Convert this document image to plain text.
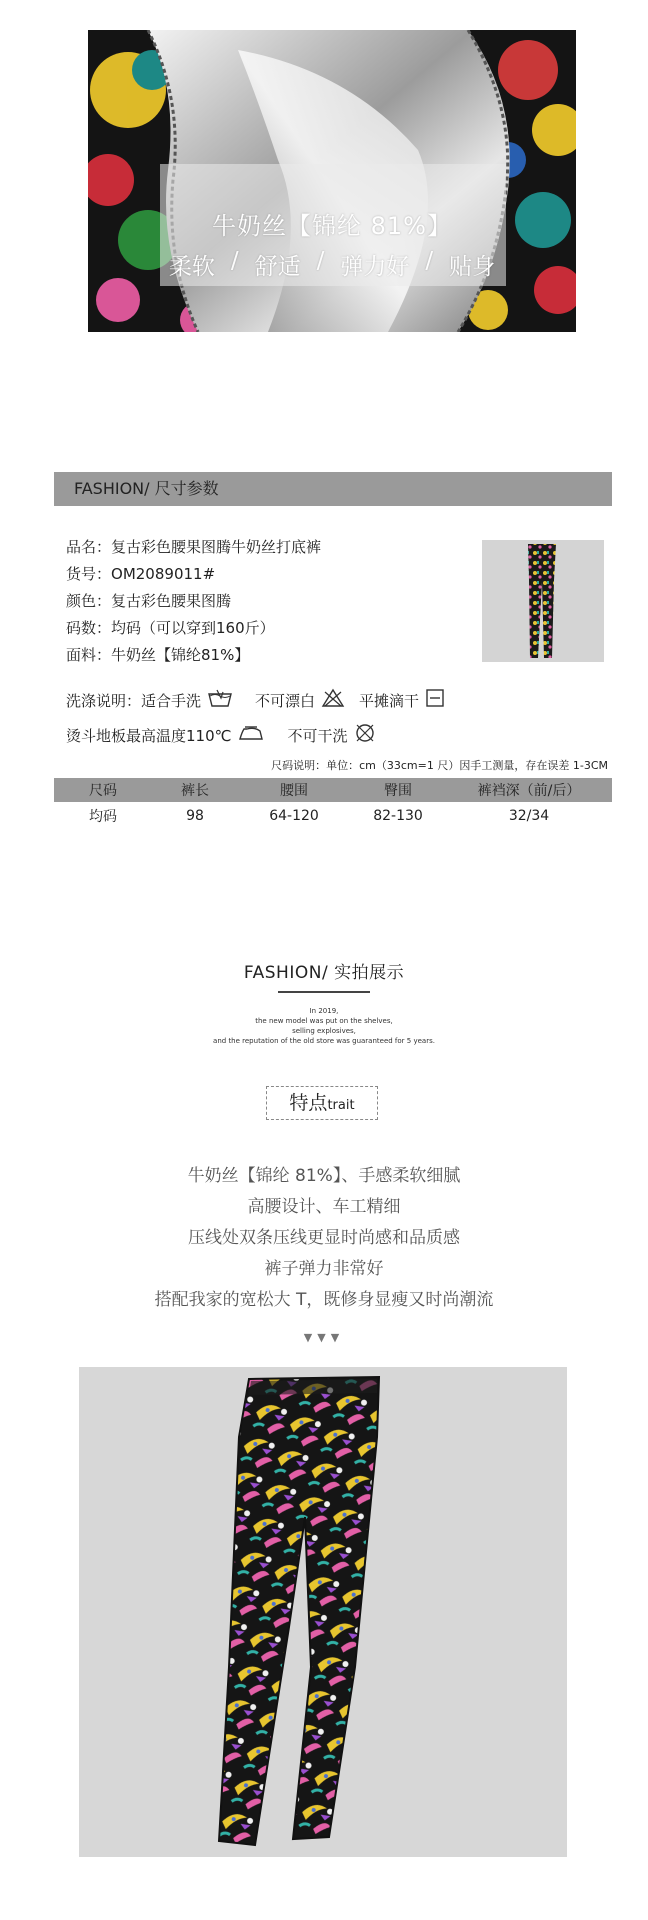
牛奶丝【锦纶 81%】
柔软 / 舒适 / 弹力好 / 贴身
FASHION/ 尺寸参数
品名：复古彩色腰果图腾牛奶丝打底裤
货号：OM2089011#
颜色：复古彩色腰果图腾
码数：均码（可以穿到160斤）
面料：牛奶丝【锦纶81%】
洗涤说明： 适合手洗	不可漂白	平摊滴干
烫斗地板最高温度110℃	不可干洗
尺码说明：单位：cm（33cm=1 尺）因手工测量，存在误差 1-3CM
尺码	裤长	腰围	臀围	裤裆深（前/后）
均码	98	64-120	82-130	32/34
FASHION/ 实拍展示
In 2019,
the new model was put on the shelves,
selling explosives,
and the reputation of the old store was guaranteed for 5 years.
特点trait
牛奶丝【锦纶 81%】、手感柔软细腻
高腰设计、车工精细
压线处双条压线更显时尚感和品质感
裤子弹力非常好
搭配我家的宽松大 T，既修身显瘦又时尚潮流
▼▼▼
